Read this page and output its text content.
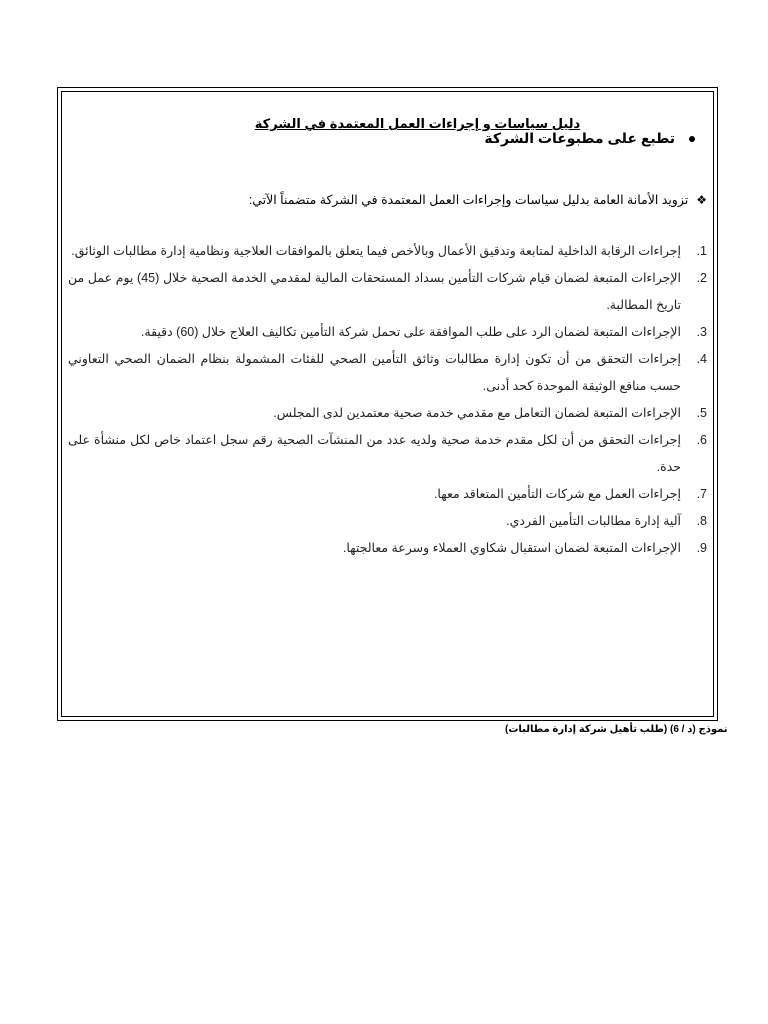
دليل سياسات و إجراءات العمل المعتمدة في الشركة
تطبع على مطبوعات الشركة
❖
تزويد الأمانة العامة بدليل سياسات وإجراءات العمل المعتمدة في الشركة متضمناً الآتي:
1.
إجراءات الرقابة الداخلية لمتابعة وتدقيق الأعمال وبالأخص فيما يتعلق بالموافقات العلاجية ونظامية إدارة مطالبات الوثائق.
2.
الإجراءات المتبعة لضمان قيام شركات التأمين بسداد المستحقات المالية لمقدمي الخدمة الصحية خلال (45) يوم عمل من تاريخ المطالبة.
3.
الإجراءات المتبعة لضمان الرد على طلب الموافقة على تحمل شركة التأمين تكاليف العلاج خلال (60) دقيقة.
4.
إجراءات التحقق من أن تكون إدارة مطالبات وثائق التأمين الصحي للفئات المشمولة بنظام الضمان الصحي التعاوني حسب منافع الوثيقة الموحدة كحد أدنى.
5.
الإجراءات المتبعة لضمان التعامل مع مقدمي خدمة صحية معتمدين لدى المجلس.
6.
إجراءات التحقق من أن لكل مقدم خدمة صحية ولديه عدد من المنشآت الصحية رقم سجل اعتماد خاص لكل منشأة على حدة.
7.
إجراءات العمل مع شركات التأمين المتعاقد معها.
8.
آلية إدارة مطالبات التأمين الفردي.
9.
الإجراءات المتبعة لضمان استقبال شكاوي العملاء وسرعة معالجتها.
نموذج (د / 6) (طلب تأهيل شركة إدارة مطالبات)
